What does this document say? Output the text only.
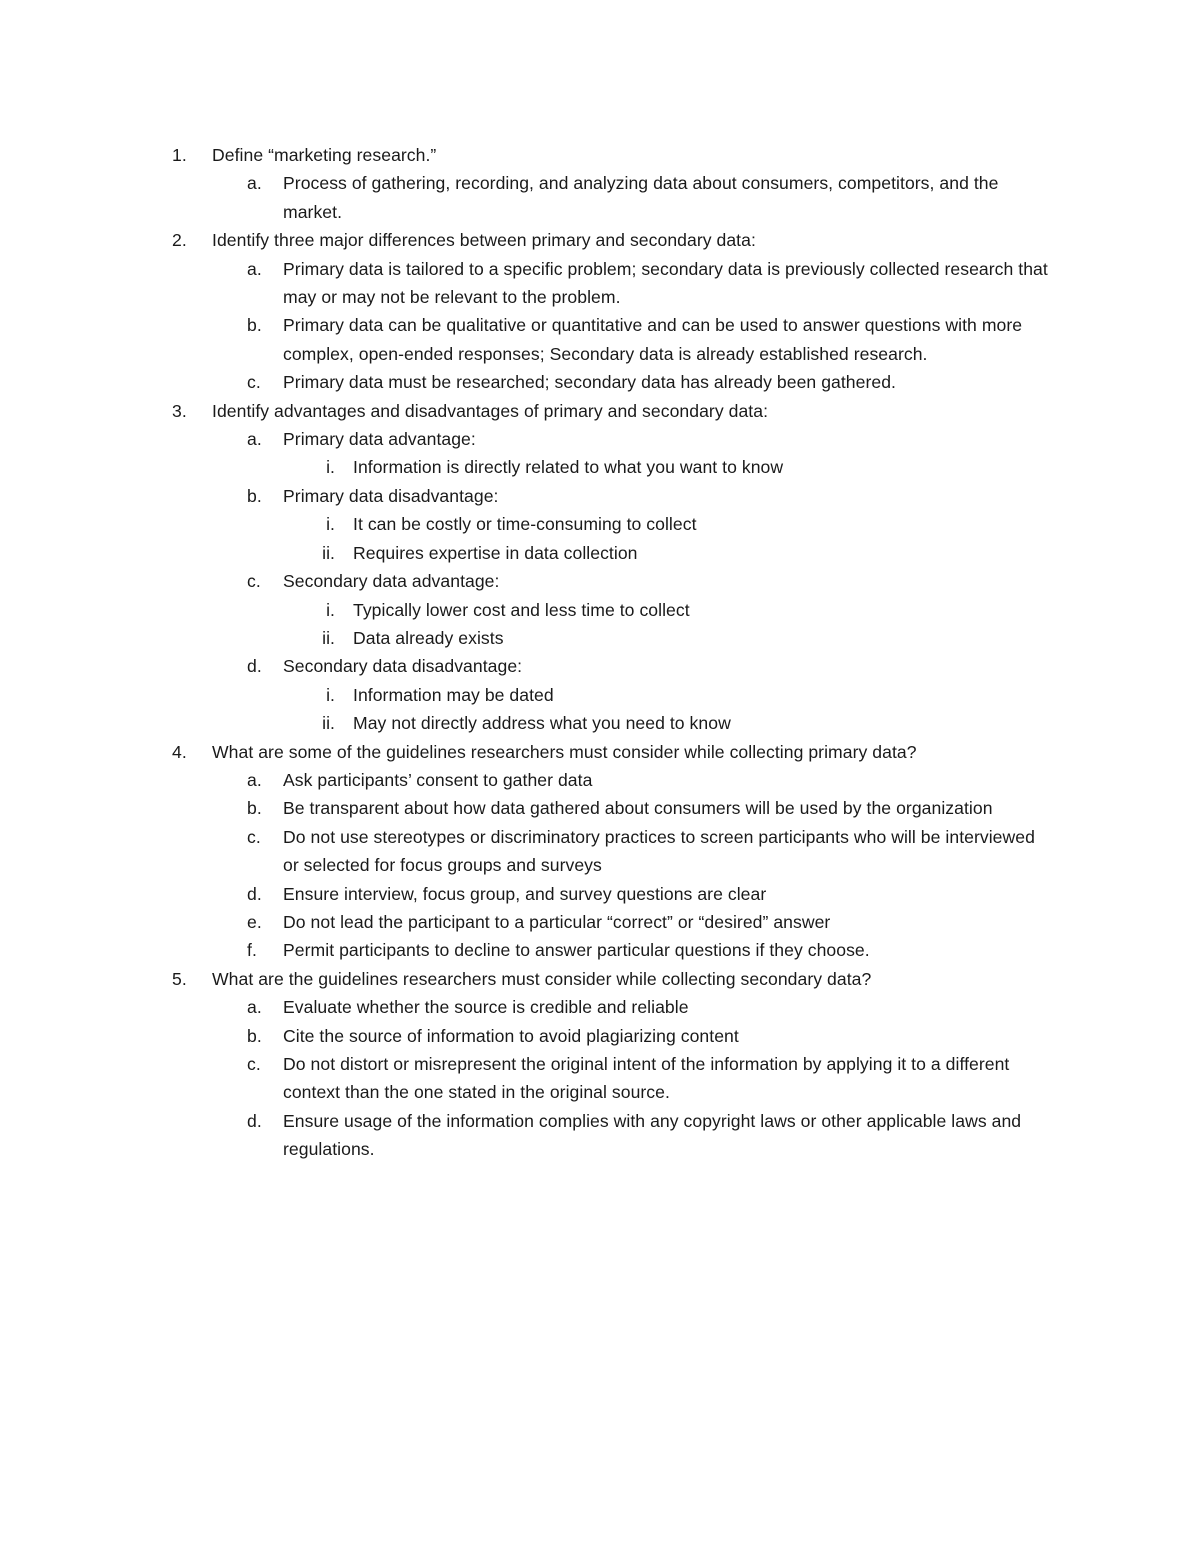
1. Define “marketing research.”
a. Process of gathering, recording, and analyzing data about consumers, competitors, and the market.
2. Identify three major differences between primary and secondary data:
a. Primary data is tailored to a specific problem; secondary data is previously collected research that may or may not be relevant to the problem.
b. Primary data can be qualitative or quantitative and can be used to answer questions with more complex, open-ended responses; Secondary data is already established research.
c. Primary data must be researched; secondary data has already been gathered.
3. Identify advantages and disadvantages of primary and secondary data:
a. Primary data advantage:
i. Information is directly related to what you want to know
b. Primary data disadvantage:
i. It can be costly or time-consuming to collect
ii. Requires expertise in data collection
c. Secondary data advantage:
i. Typically lower cost and less time to collect
ii. Data already exists
d. Secondary data disadvantage:
i. Information may be dated
ii. May not directly address what you need to know
4. What are some of the guidelines researchers must consider while collecting primary data?
a. Ask participants’ consent to gather data
b. Be transparent about how data gathered about consumers will be used by the organization
c. Do not use stereotypes or discriminatory practices to screen participants who will be interviewed or selected for focus groups and surveys
d. Ensure interview, focus group, and survey questions are clear
e. Do not lead the participant to a particular “correct” or “desired” answer
f. Permit participants to decline to answer particular questions if they choose.
5. What are the guidelines researchers must consider while collecting secondary data?
a. Evaluate whether the source is credible and reliable
b. Cite the source of information to avoid plagiarizing content
c. Do not distort or misrepresent the original intent of the information by applying it to a different context than the one stated in the original source.
d. Ensure usage of the information complies with any copyright laws or other applicable laws and regulations.
